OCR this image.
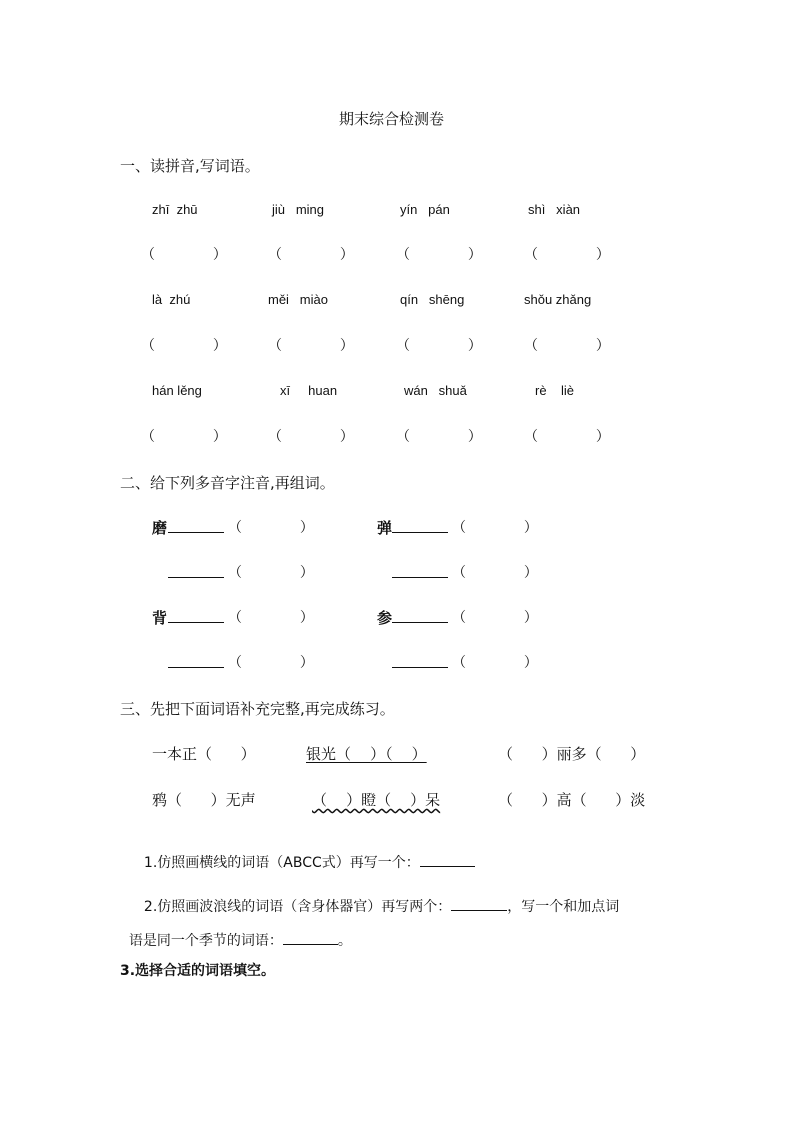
期末综合检测卷
一、读拼音,写词语。
zhī  zhū	jiù   ming	yín   pán	shì   xiàn
（             ）	（             ）	（             ）	（             ）
là  zhú	měi   miào	qín   shēng	shǒu zhǎng
（             ）	（             ）	（             ）	（             ）
hán lěng	xī     huan	wán   shuǎ	rè    liè
（             ）	（             ）	（             ）	（             ）
二、给下列多音字注音,再组词。
磨	（             ）	弹	（             ）
（             ）	（             ）
背	（             ）	参	（             ）
（             ）	（             ）
三、先把下面词语补充完整,再完成练习。
一本正（      ）	银光（    ）（    ）	（      ）丽多（      ）
鸦（      ）无声	（    ）瞪（    ）呆	（      ）高（      ）淡

1.仿照画横线的词语（ABCC式）再写一个：

2.仿照画波浪线的词语（含身体器官）再写两个：	，写一个和加点词

语是同一个季节的词语：	。

3.选择合适的词语填空。
